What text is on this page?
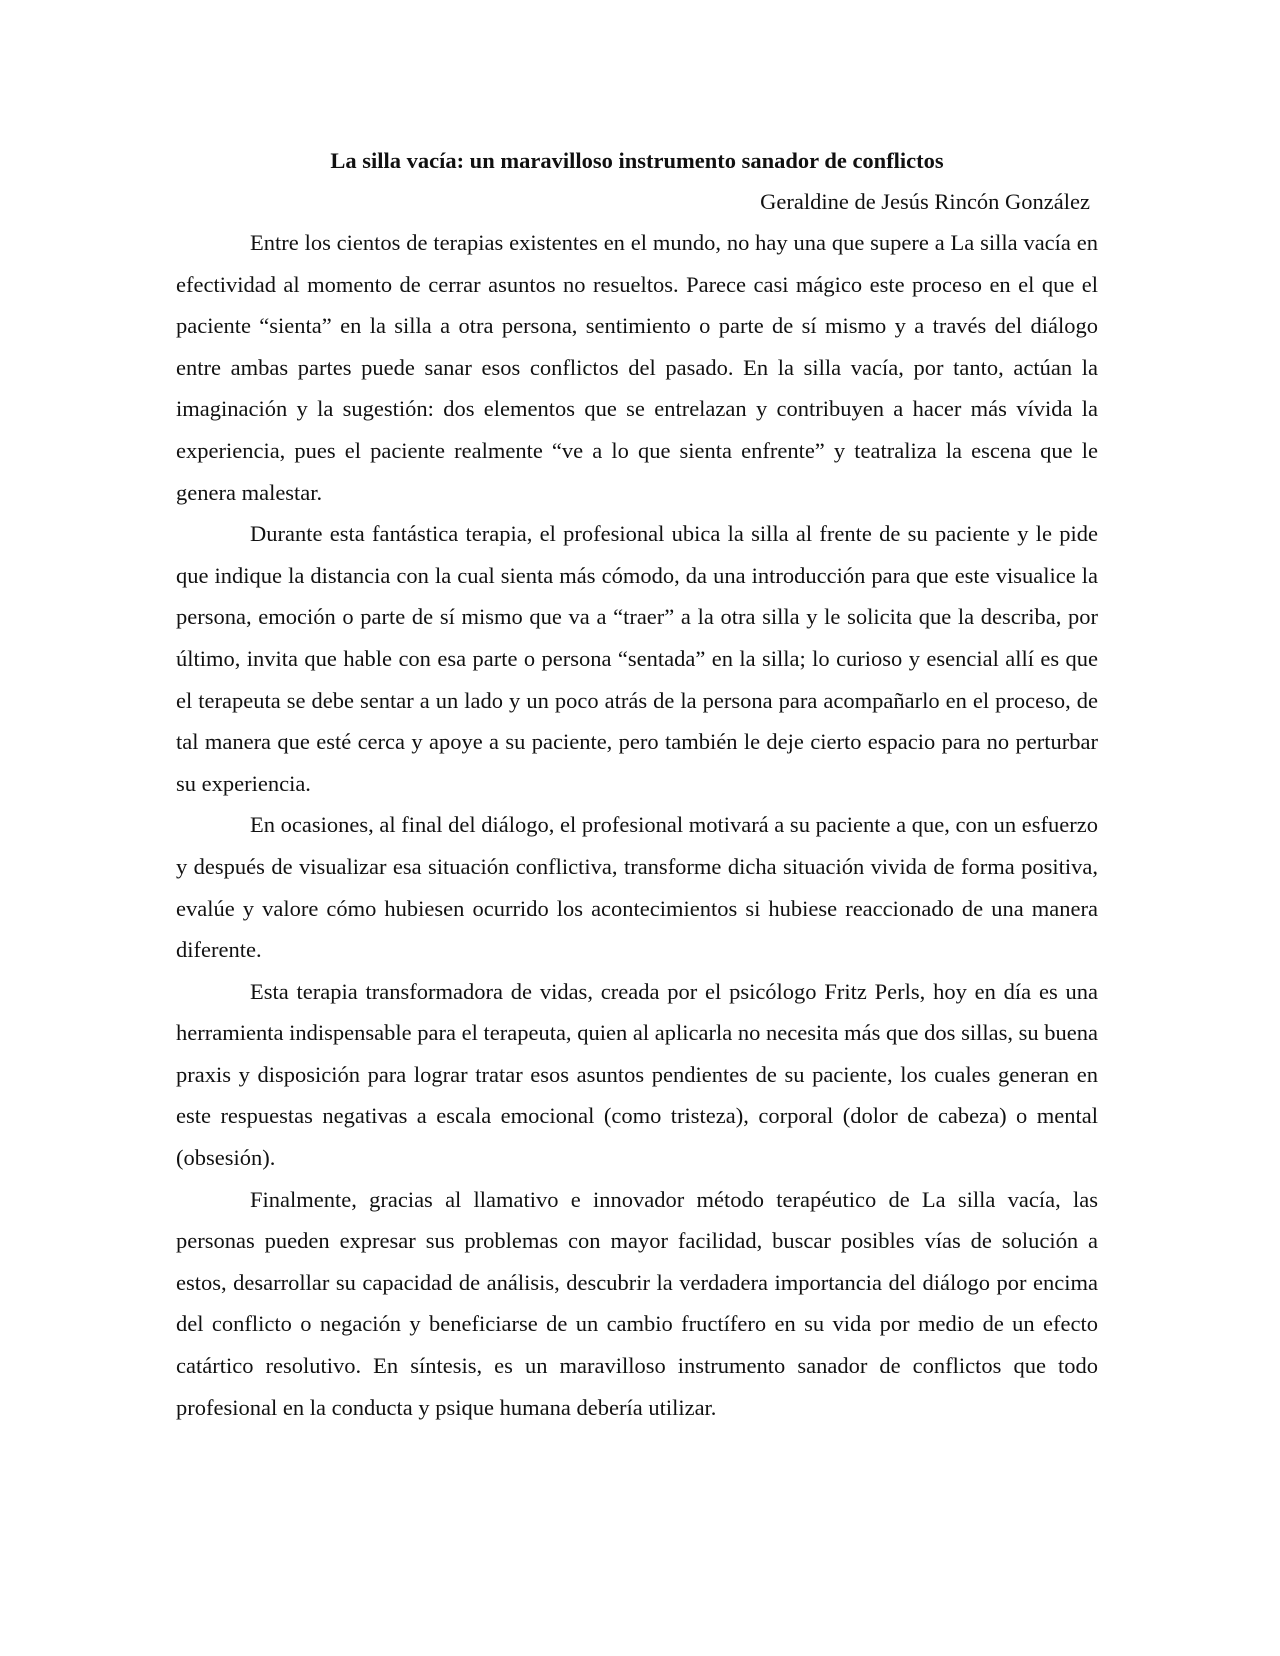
La silla vacía: un maravilloso instrumento sanador de conflictos

Geraldine de Jesús Rincón González

Entre los cientos de terapias existentes en el mundo, no hay una que supere a La silla vacía en efectividad al momento de cerrar asuntos no resueltos. Parece casi mágico este proceso en el que el paciente “sienta” en la silla a otra persona, sentimiento o parte de sí mismo y a través del diálogo entre ambas partes puede sanar esos conflictos del pasado. En la silla vacía, por tanto, actúan la imaginación y la sugestión: dos elementos que se entrelazan y contribuyen a hacer más vívida la experiencia, pues el paciente realmente “ve a lo que sienta enfrente” y teatraliza la escena que le genera malestar.

Durante esta fantástica terapia, el profesional ubica la silla al frente de su paciente y le pide que indique la distancia con la cual sienta más cómodo, da una introducción para que este visualice la persona, emoción o parte de sí mismo que va a “traer” a la otra silla y le solicita que la describa, por último, invita que hable con esa parte o persona “sentada” en la silla; lo curioso y esencial allí es que el terapeuta se debe sentar a un lado y un poco atrás de la persona para acompañarlo en el proceso, de tal manera que esté cerca y apoye a su paciente, pero también le deje cierto espacio para no perturbar su experiencia.

En ocasiones, al final del diálogo, el profesional motivará a su paciente a que, con un esfuerzo y después de visualizar esa situación conflictiva, transforme dicha situación vivida de forma positiva, evalúe y valore cómo hubiesen ocurrido los acontecimientos si hubiese reaccionado de una manera diferente.

Esta terapia transformadora de vidas, creada por el psicólogo Fritz Perls, hoy en día es una herramienta indispensable para el terapeuta, quien al aplicarla no necesita más que dos sillas, su buena praxis y disposición para lograr tratar esos asuntos pendientes de su paciente, los cuales generan en este respuestas negativas a escala emocional (como tristeza), corporal (dolor de cabeza) o mental (obsesión).

Finalmente, gracias al llamativo e innovador método terapéutico de La silla vacía, las personas pueden expresar sus problemas con mayor facilidad, buscar posibles vías de solución a estos, desarrollar su capacidad de análisis, descubrir la verdadera importancia del diálogo por encima del conflicto o negación y beneficiarse de un cambio fructífero en su vida por medio de un efecto catártico resolutivo. En síntesis, es un maravilloso instrumento sanador de conflictos que todo profesional en la conducta y psique humana debería utilizar.
